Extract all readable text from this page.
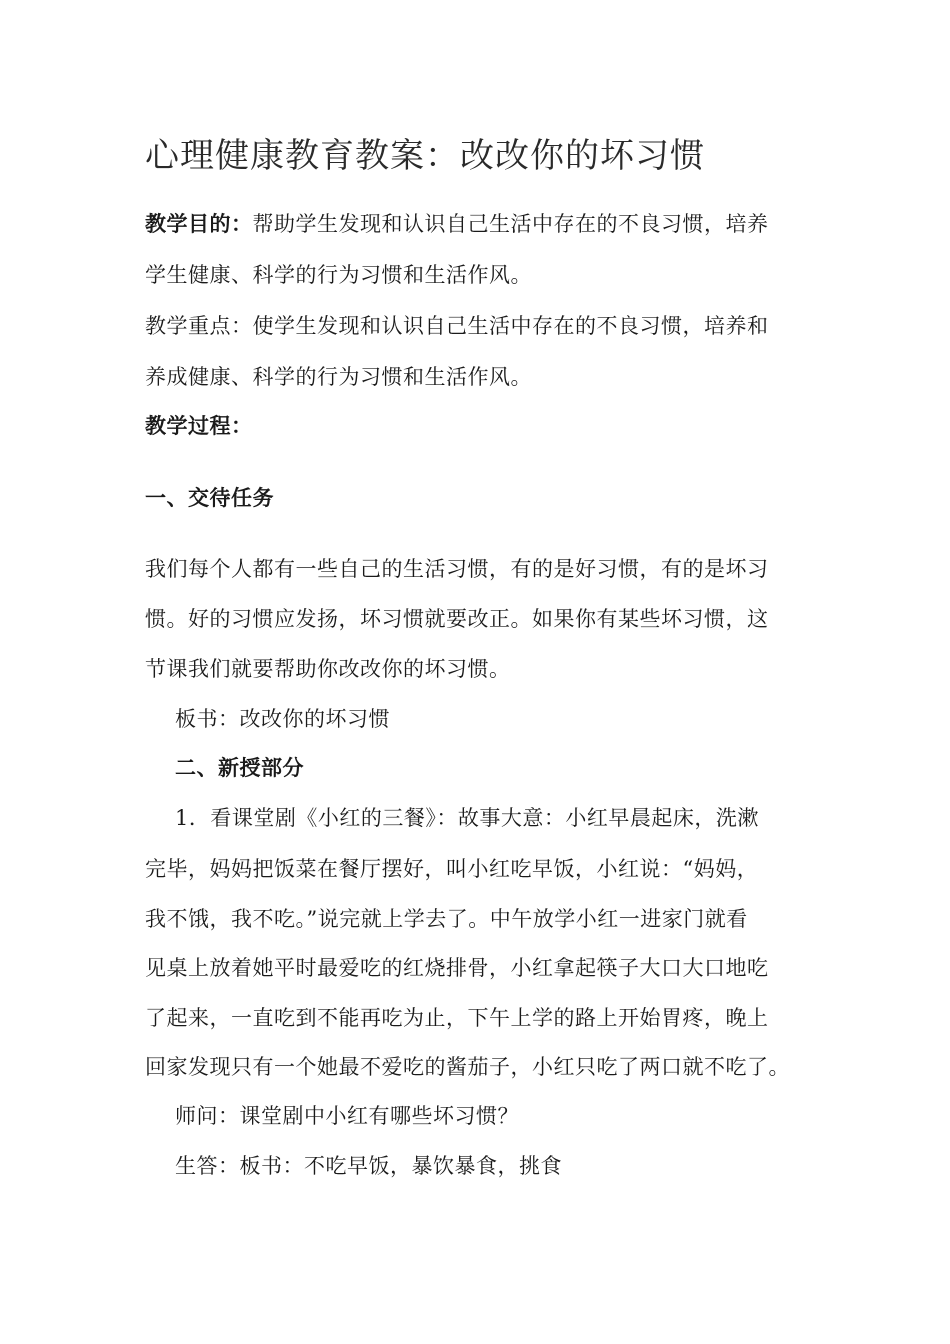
心理健康教育教案：改改你的坏习惯
教学目的：帮助学生发现和认识自己生活中存在的不良习惯，培养
学生健康、科学的行为习惯和生活作风。
教学重点：使学生发现和认识自己生活中存在的不良习惯，培养和
养成健康、科学的行为习惯和生活作风。
教学过程：
一、交待任务
我们每个人都有一些自己的生活习惯，有的是好习惯，有的是坏习
惯。好的习惯应发扬，坏习惯就要改正。如果你有某些坏习惯，这
节课我们就要帮助你改改你的坏习惯。
板书：改改你的坏习惯
二、新授部分
1．看课堂剧《小红的三餐》：故事大意：小红早晨起床，洗漱
完毕，妈妈把饭菜在餐厅摆好，叫小红吃早饭，小红说：“妈妈，
我不饿，我不吃。”说完就上学去了。中午放学小红一进家门就看
见桌上放着她平时最爱吃的红烧排骨，小红拿起筷子大口大口地吃
了起来，一直吃到不能再吃为止，下午上学的路上开始胃疼，晚上
回家发现只有一个她最不爱吃的酱茄子，小红只吃了两口就不吃了。
师问：课堂剧中小红有哪些坏习惯？
生答：板书：不吃早饭，暴饮暴食，挑食
